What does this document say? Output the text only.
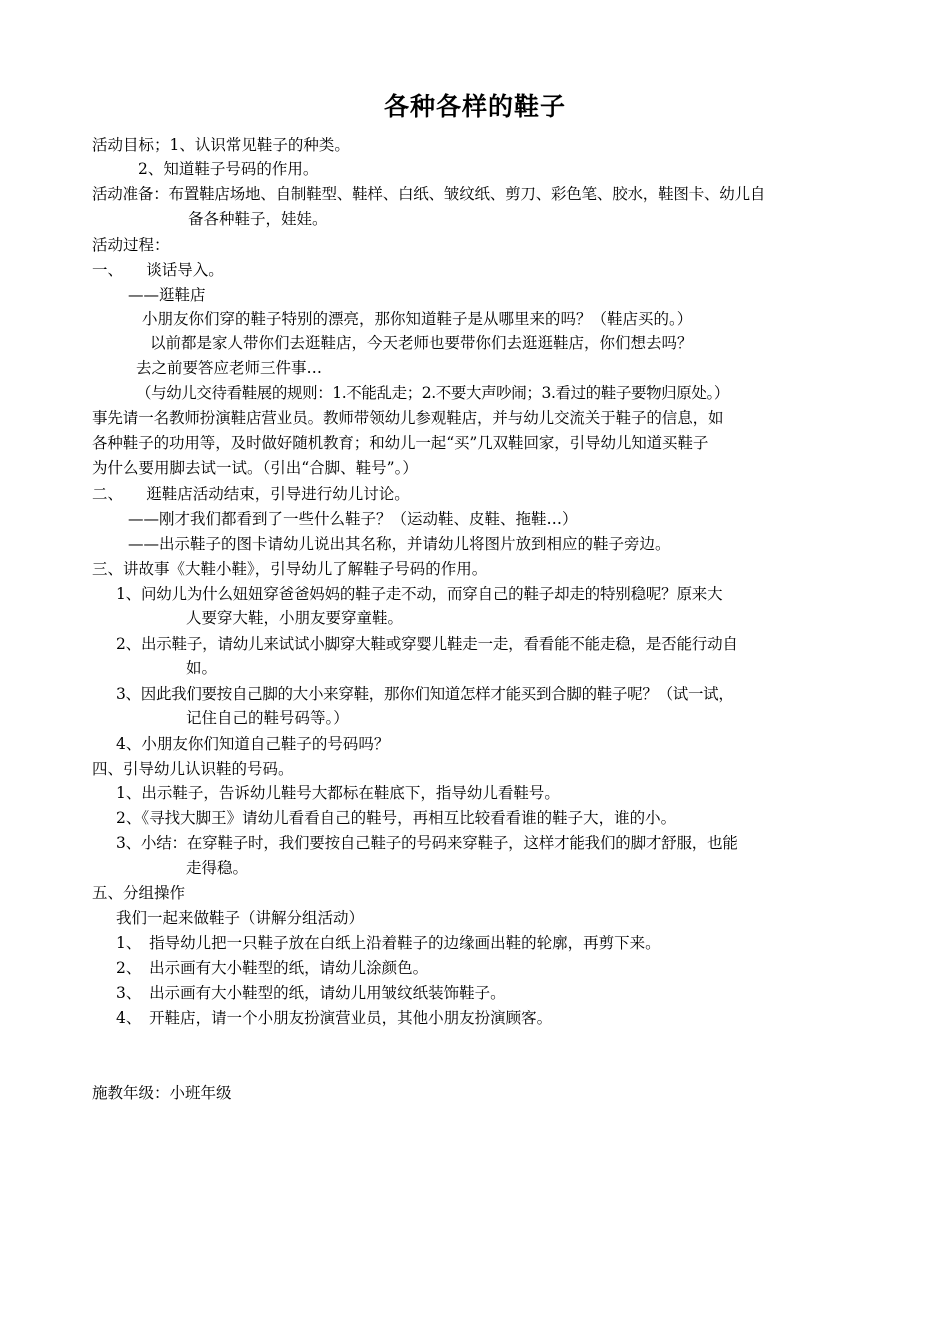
各种各样的鞋子
活动目标；1、认识常见鞋子的种类。
2、知道鞋子号码的作用。
活动准备：布置鞋店场地、自制鞋型、鞋样、白纸、皱纹纸、剪刀、彩色笔、胶水，鞋图卡、幼儿自
备各种鞋子，娃娃。
活动过程：
一、　　谈话导入。
——逛鞋店
小朋友你们穿的鞋子特别的漂亮，那你知道鞋子是从哪里来的吗？（鞋店买的。）
以前都是家人带你们去逛鞋店，今天老师也要带你们去逛逛鞋店，你们想去吗？
去之前要答应老师三件事…
（与幼儿交待看鞋展的规则：1.不能乱走；2.不要大声吵闹；3.看过的鞋子要物归原处。）
事先请一名教师扮演鞋店营业员。教师带领幼儿参观鞋店，并与幼儿交流关于鞋子的信息，如
各种鞋子的功用等，及时做好随机教育；和幼儿一起“买”几双鞋回家，引导幼儿知道买鞋子
为什么要用脚去试一试。（引出“合脚、鞋号”。）
二、　　逛鞋店活动结束，引导进行幼儿讨论。
——刚才我们都看到了一些什么鞋子？（运动鞋、皮鞋、拖鞋…）
——出示鞋子的图卡请幼儿说出其名称，并请幼儿将图片放到相应的鞋子旁边。
三、讲故事《大鞋小鞋》，引导幼儿了解鞋子号码的作用。
1、问幼儿为什么妞妞穿爸爸妈妈的鞋子走不动，而穿自己的鞋子却走的特别稳呢？原来大
人要穿大鞋，小朋友要穿童鞋。
2、出示鞋子，请幼儿来试试小脚穿大鞋或穿婴儿鞋走一走，看看能不能走稳，是否能行动自
如。
3、因此我们要按自己脚的大小来穿鞋，那你们知道怎样才能买到合脚的鞋子呢？（试一试，
记住自己的鞋号码等。）
4、小朋友你们知道自己鞋子的号码吗？
四、引导幼儿认识鞋的号码。
1、出示鞋子，告诉幼儿鞋号大都标在鞋底下，指导幼儿看鞋号。
2、《寻找大脚王》请幼儿看看自己的鞋号，再相互比较看看谁的鞋子大，谁的小。
3、小结：在穿鞋子时，我们要按自己鞋子的号码来穿鞋子，这样才能我们的脚才舒服，也能
走得稳。
五、分组操作
我们一起来做鞋子（讲解分组活动）
1、　指导幼儿把一只鞋子放在白纸上沿着鞋子的边缘画出鞋的轮廓，再剪下来。
2、　出示画有大小鞋型的纸，请幼儿涂颜色。
3、　出示画有大小鞋型的纸，请幼儿用皱纹纸装饰鞋子。
4、　开鞋店，请一个小朋友扮演营业员，其他小朋友扮演顾客。
施教年级：小班年级
